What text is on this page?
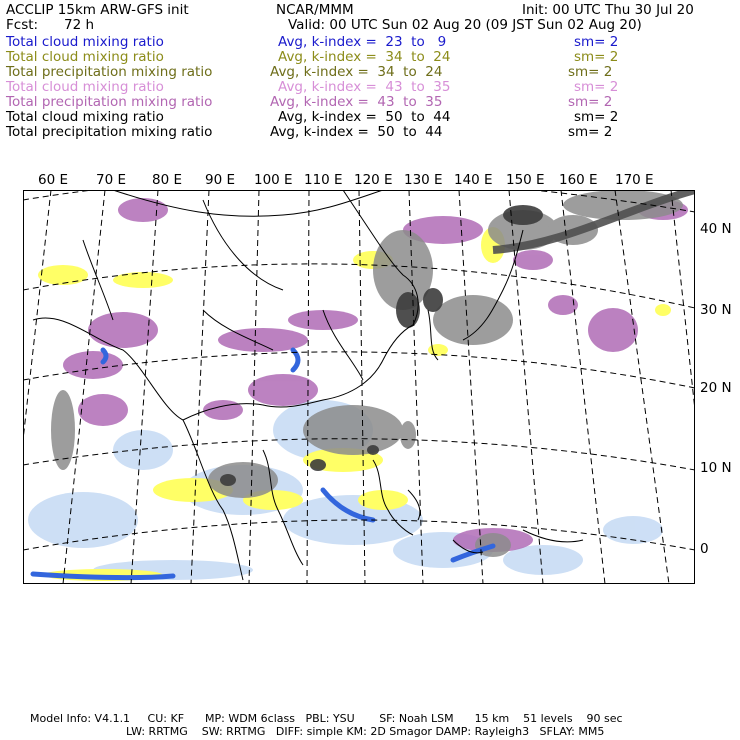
ACCLIP 15km ARW-GFS init	NCAR/MMM	Init: 00 UTC Thu 30 Jul 20
Fcst: 72 h	Valid: 00 UTC Sun 02 Aug 20 (09 JST Sun 02 Aug 20)
Total cloud mixing ratio	Avg, k-index =  23  to   9	sm= 2
Total cloud mixing ratio	Avg, k-index =  34  to  24	sm= 2
Total precipitation mixing ratio	Avg, k-index =  34  to  24	sm= 2
Total cloud mixing ratio	Avg, k-index =  43  to  35	sm= 2
Total precipitation mixing ratio	Avg, k-index =  43  to  35	sm= 2
Total cloud mixing ratio	Avg, k-index =  50  to  44	sm= 2
Total precipitation mixing ratio	Avg, k-index =  50  to  44	sm= 2
60 E 70 E 80 E 90 E 100 E 110 E 120 E 130 E 140 E 150 E 160 E 170 E
40 N
30 N
20 N
10 N
0
Model Info: V4.1.1     CU: KF      MP: WDM 6class   PBL: YSU       SF: Noah LSM      15 km    51 levels    90 sec
LW: RRTMG    SW: RRTMG   DIFF: simple KM: 2D Smagor DAMP: Rayleigh3   SFLAY: MM5
